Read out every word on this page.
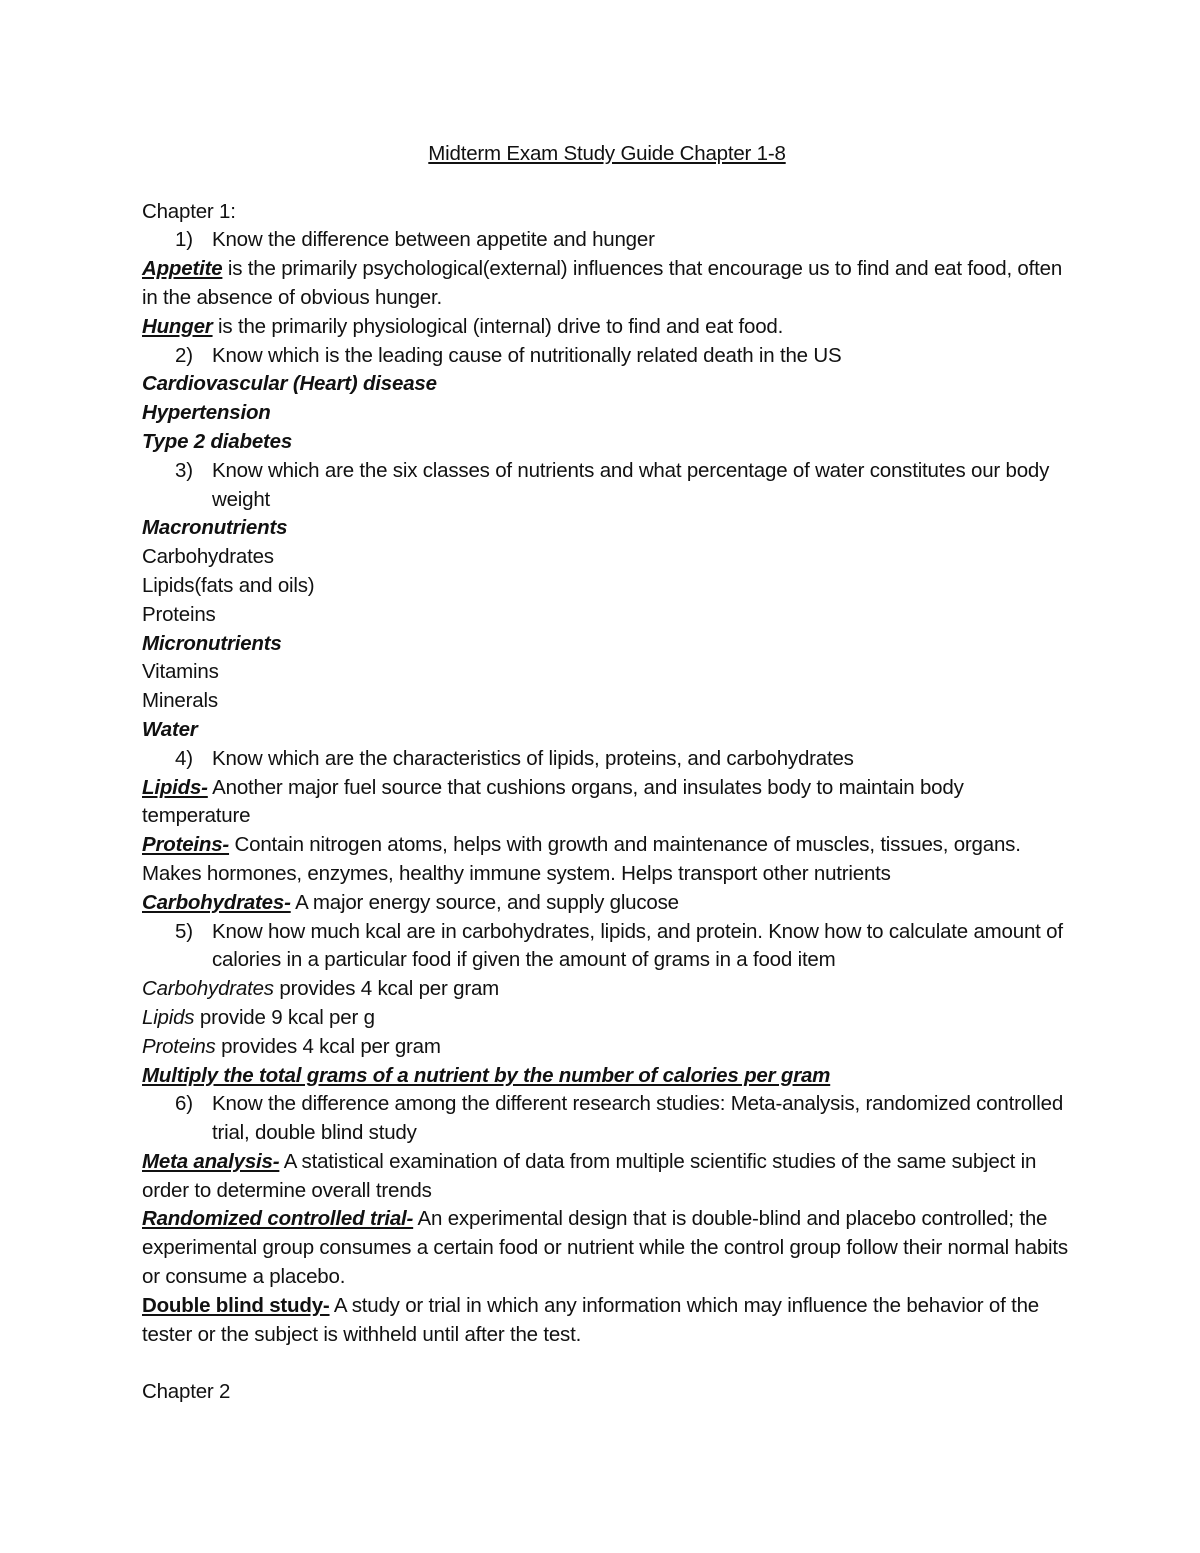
Midterm Exam Study Guide Chapter 1-8
Chapter 1:
1) Know the difference between appetite and hunger
Appetite is the primarily psychological(external) influences that encourage us to find and eat food, often in the absence of obvious hunger.
Hunger is the primarily physiological (internal) drive to find and eat food.
2) Know which is the leading cause of nutritionally related death in the US
Cardiovascular (Heart) disease
Hypertension
Type 2 diabetes
3) Know which are the six classes of nutrients and what percentage of water constitutes our body weight
Macronutrients
Carbohydrates
Lipids(fats and oils)
Proteins
Micronutrients
Vitamins
Minerals
Water
4) Know which are the characteristics of lipids, proteins, and carbohydrates
Lipids- Another major fuel source that cushions organs, and insulates body to maintain body temperature
Proteins- Contain nitrogen atoms, helps with growth and maintenance of muscles, tissues, organs. Makes hormones, enzymes, healthy immune system. Helps transport other nutrients
Carbohydrates- A major energy source, and supply glucose
5) Know how much kcal are in carbohydrates, lipids, and protein. Know how to calculate amount of calories in a particular food if given the amount of grams in a food item
Carbohydrates provides 4 kcal per gram
Lipids provide 9 kcal per g
Proteins provides 4 kcal per gram
Multiply the total grams of a nutrient by the number of calories per gram
6) Know the difference among the different research studies: Meta-analysis, randomized controlled trial, double blind study
Meta analysis- A statistical examination of data from multiple scientific studies of the same subject in order to determine overall trends
Randomized controlled trial- An experimental design that is double-blind and placebo controlled; the experimental group consumes a certain food or nutrient while the control group follow their normal habits or consume a placebo.
Double blind study- A study or trial in which any information which may influence the behavior of the tester or the subject is withheld until after the test.
Chapter 2
